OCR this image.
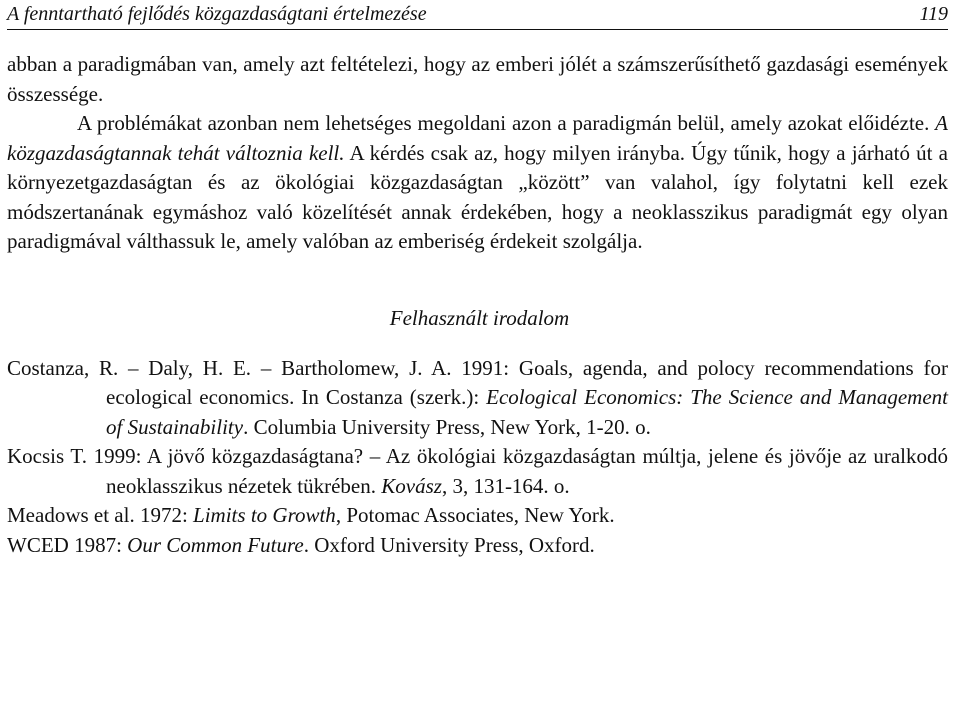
A fenntartható fejlődés közgazdaságtani értelmezése	119

abban a paradigmában van, amely azt feltételezi, hogy az emberi jólét a számszerűsíthető gazdasági események összessége.

A problémákat azonban nem lehetséges megoldani azon a paradigmán belül, amely azokat előidézte. A közgazdaságtannak tehát változnia kell. A kérdés csak az, hogy milyen irányba. Úgy tűnik, hogy a járható út a környezetgazdaságtan és az ökológiai közgazdaságtan „között” van valahol, így folytatni kell ezek módszertanának egymáshoz való közelítését annak érdekében, hogy a neoklasszikus paradigmát egy olyan paradigmával válthassuk le, amely valóban az emberiség érdekeit szolgálja.

Felhasznált irodalom

Costanza, R. – Daly, H. E. – Bartholomew, J. A. 1991: Goals, agenda, and polocy recommendations for ecological economics. In Costanza (szerk.): Ecological Economics: The Science and Management of Sustainability. Columbia University Press, New York, 1-20. o.

Kocsis T. 1999: A jövő közgazdaságtana? – Az ökológiai közgazdaságtan múltja, jelene és jövője az uralkodó neoklasszikus nézetek tükrében. Kovász, 3, 131-164. o.

Meadows et al. 1972: Limits to Growth, Potomac Associates, New York.

WCED 1987: Our Common Future. Oxford University Press, Oxford.
